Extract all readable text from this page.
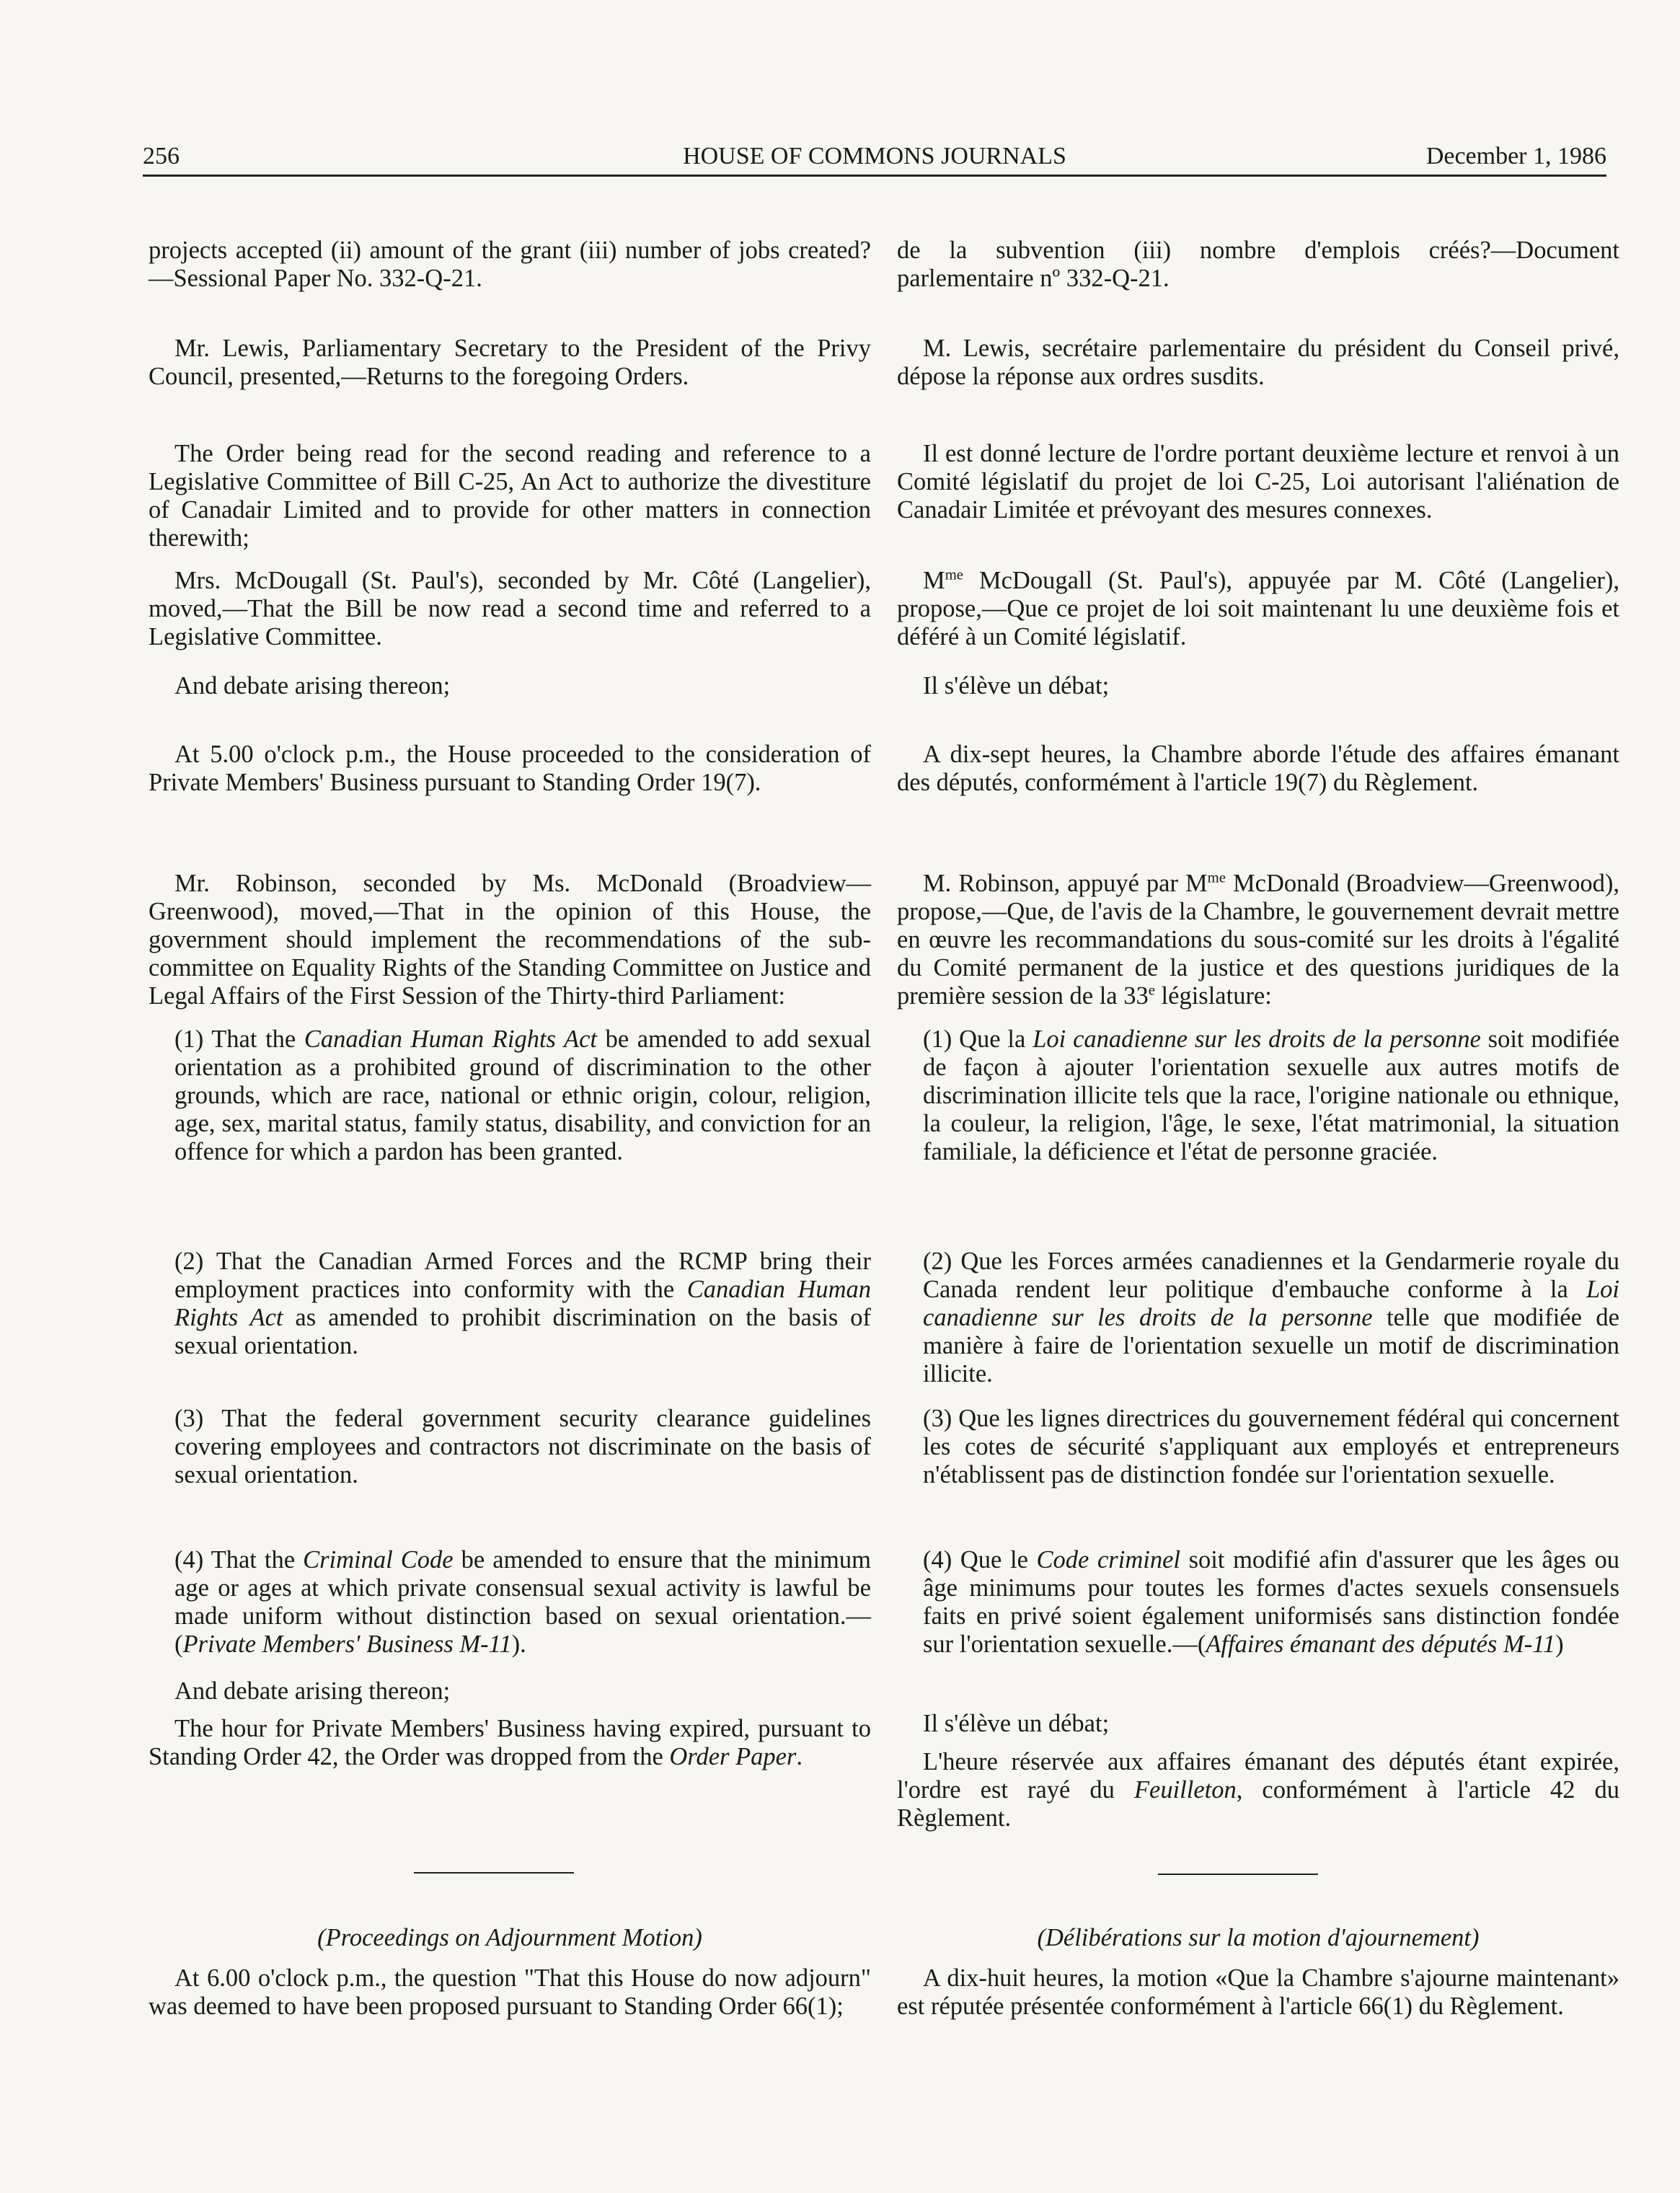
256	HOUSE OF COMMONS JOURNALS	December 1, 1986

projects accepted (ii) amount of the grant (iii) number of jobs created?—Sessional Paper No. 332-Q-21.

Mr. Lewis, Parliamentary Secretary to the President of the Privy Council, presented,—Returns to the foregoing Orders.

The Order being read for the second reading and reference to a Legislative Committee of Bill C-25, An Act to authorize the divestiture of Canadair Limited and to provide for other matters in connection therewith;

Mrs. McDougall (St. Paul's), seconded by Mr. Côté (Langelier), moved,—That the Bill be now read a second time and referred to a Legislative Committee.

And debate arising thereon;

At 5.00 o'clock p.m., the House proceeded to the consideration of Private Members' Business pursuant to Standing Order 19(7).

Mr. Robinson, seconded by Ms. McDonald (Broadview—Greenwood), moved,—That in the opinion of this House, the government should implement the recommendations of the sub-committee on Equality Rights of the Standing Committee on Justice and Legal Affairs of the First Session of the Thirty-third Parliament:

(1) That the Canadian Human Rights Act be amended to add sexual orientation as a prohibited ground of discrimination to the other grounds, which are race, national or ethnic origin, colour, religion, age, sex, marital status, family status, disability, and conviction for an offence for which a pardon has been granted.

(2) That the Canadian Armed Forces and the RCMP bring their employment practices into conformity with the Canadian Human Rights Act as amended to prohibit discrimination on the basis of sexual orientation.

(3) That the federal government security clearance guidelines covering employees and contractors not discriminate on the basis of sexual orientation.

(4) That the Criminal Code be amended to ensure that the minimum age or ages at which private consensual sexual activity is lawful be made uniform without distinction based on sexual orientation.—(Private Members' Business M-11).

And debate arising thereon;

The hour for Private Members' Business having expired, pursuant to Standing Order 42, the Order was dropped from the Order Paper.

(Proceedings on Adjournment Motion)

At 6.00 o'clock p.m., the question "That this House do now adjourn" was deemed to have been proposed pursuant to Standing Order 66(1);

de la subvention (iii) nombre d'emplois créés?—Document parlementaire nº 332-Q-21.

M. Lewis, secrétaire parlementaire du président du Conseil privé, dépose la réponse aux ordres susdits.

Il est donné lecture de l'ordre portant deuxième lecture et renvoi à un Comité législatif du projet de loi C-25, Loi autorisant l'aliénation de Canadair Limitée et prévoyant des mesures connexes.

$M^{me}$ McDougall (St. Paul's), appuyée par M. Côté (Langelier), propose,—Que ce projet de loi soit maintenant lu une deuxième fois et déféré à un Comité législatif.

Il s'élève un débat;

A dix-sept heures, la Chambre aborde l'étude des affaires émanant des députés, conformément à l'article 19(7) du Règlement.

M. Robinson, appuyé par $M^{me}$ McDonald (Broadview—Greenwood), propose,—Que, de l'avis de la Chambre, le gouvernement devrait mettre en œuvre les recommandations du sous-comité sur les droits à l'égalité du Comité permanent de la justice et des questions juridiques de la première session de la 33e législature:

(1) Que la Loi canadienne sur les droits de la personne soit modifiée de façon à ajouter l'orientation sexuelle aux autres motifs de discrimination illicite tels que la race, l'origine nationale ou ethnique, la couleur, la religion, l'âge, le sexe, l'état matrimonial, la situation familiale, la déficience et l'état de personne graciée.

(2) Que les Forces armées canadiennes et la Gendarmerie royale du Canada rendent leur politique d'embauche conforme à la Loi canadienne sur les droits de la personne telle que modifiée de manière à faire de l'orientation sexuelle un motif de discrimination illicite.

(3) Que les lignes directrices du gouvernement fédéral qui concernent les cotes de sécurité s'appliquant aux employés et entrepreneurs n'établissent pas de distinction fondée sur l'orientation sexuelle.

(4) Que le Code criminel soit modifié afin d'assurer que les âges ou âge minimums pour toutes les formes d'actes sexuels consensuels faits en privé soient également uniformisés sans distinction fondée sur l'orientation sexuelle.—(Affaires émanant des députés M-11)

Il s'élève un débat;

L'heure réservée aux affaires émanant des députés étant expirée, l'ordre est rayé du Feuilleton, conformément à l'article 42 du Règlement.

(Délibérations sur la motion d'ajournement)

A dix-huit heures, la motion «Que la Chambre s'ajourne maintenant» est réputée présentée conformément à l'article 66(1) du Règlement.
